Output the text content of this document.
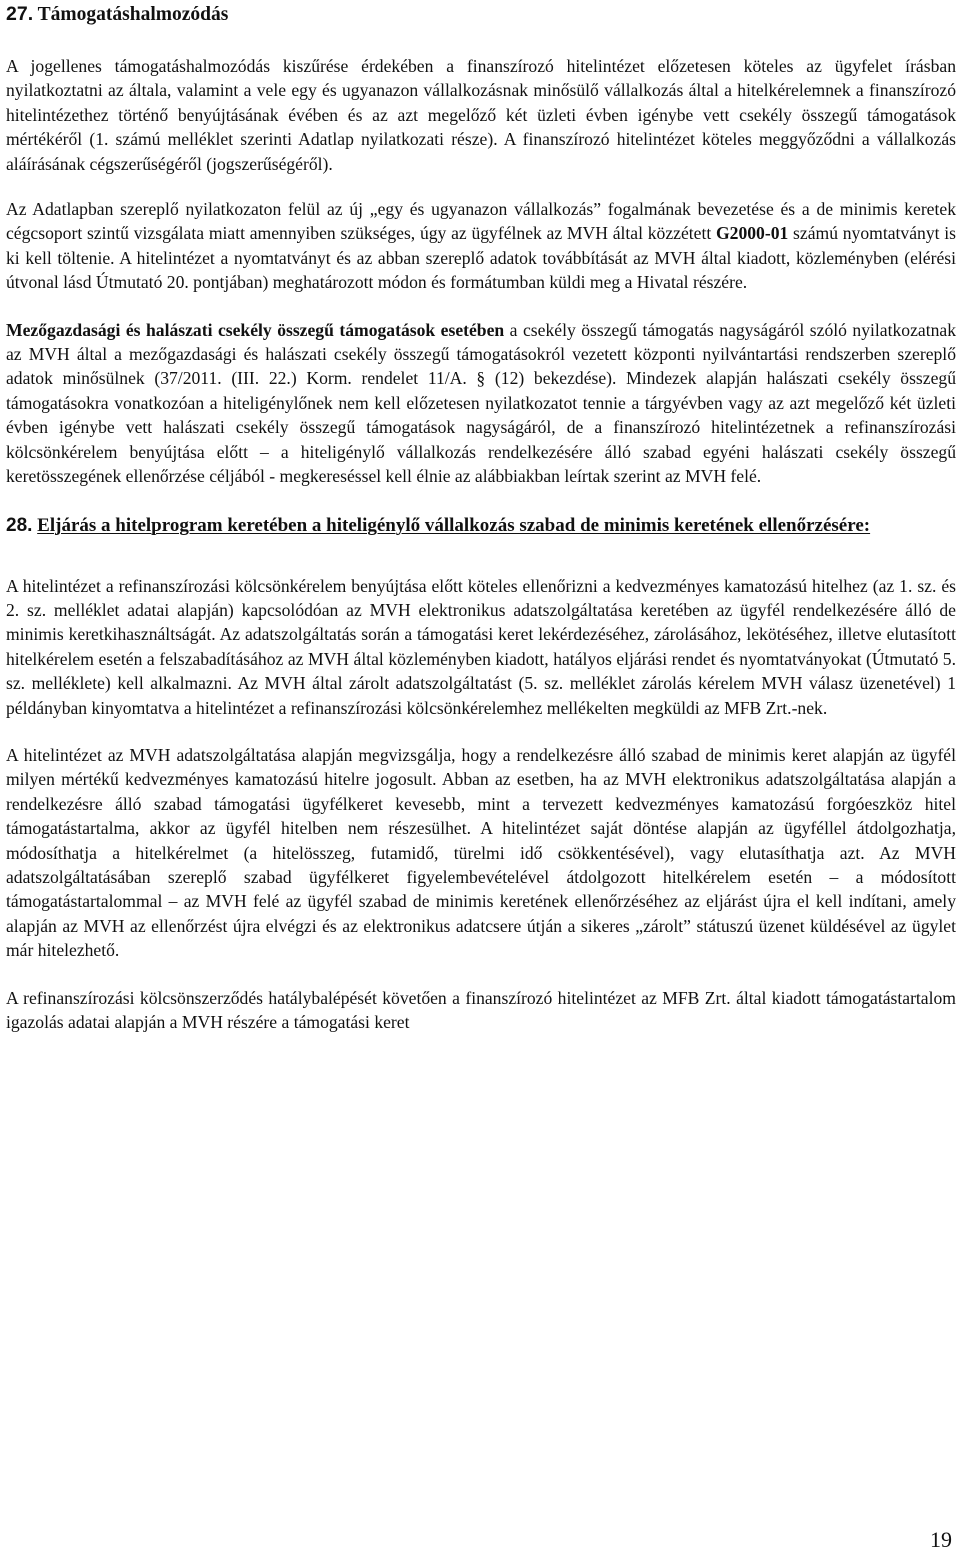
27. Támogatáshalmozódás

A jogellenes támogatáshalmozódás kiszűrése érdekében a finanszírozó hitelintézet előzetesen köteles az ügyfelet írásban nyilatkoztatni az általa, valamint a vele egy és ugyanazon vállalkozásnak minősülő vállalkozás által a hitelkérelemnek a finanszírozó hitelintézethez történő benyújtásának évében és az azt megelőző két üzleti évben igénybe vett csekély összegű támogatások mértékéről (1. számú melléklet szerinti Adatlap nyilatkozati része). A finanszírozó hitelintézet köteles meggyőződni a vállalkozás aláírásának cégszerűségéről (jogszerűségéről).

Az Adatlapban szereplő nyilatkozaton felül az új „egy és ugyanazon vállalkozás” fogalmának bevezetése és a de minimis keretek cégcsoport szintű vizsgálata miatt amennyiben szükséges, úgy az ügyfélnek az MVH által közzétett G2000-01 számú nyomtatványt is ki kell töltenie. A hitelintézet a nyomtatványt és az abban szereplő adatok továbbítását az MVH által kiadott, közleményben (elérési útvonal lásd Útmutató 20. pontjában) meghatározott módon és formátumban küldi meg a Hivatal részére.

Mezőgazdasági és halászati csekély összegű támogatások esetében a csekély összegű támogatás nagyságáról szóló nyilatkozatnak az MVH által a mezőgazdasági és halászati csekély összegű támogatásokról vezetett központi nyilvántartási rendszerben szereplő adatok minősülnek (37/2011. (III. 22.) Korm. rendelet 11/A. § (12) bekezdése). Mindezek alapján halászati csekély összegű támogatásokra vonatkozóan a hiteligénylőnek nem kell előzetesen nyilatkozatot tennie a tárgyévben vagy az azt megelőző két üzleti évben igénybe vett halászati csekély összegű támogatások nagyságáról, de a finanszírozó hitelintézetnek a refinanszírozási kölcsönkérelem benyújtása előtt – a hiteligénylő vállalkozás rendelkezésére álló szabad egyéni halászati csekély összegű keretösszegének ellenőrzése céljából - megkereséssel kell élnie az alábbiakban leírtak szerint az MVH felé.

28. Eljárás a hitelprogram keretében a hiteligénylő vállalkozás szabad de minimis keretének ellenőrzésére:

A hitelintézet a refinanszírozási kölcsönkérelem benyújtása előtt köteles ellenőrizni a kedvezményes kamatozású hitelhez (az 1. sz. és 2. sz. melléklet adatai alapján) kapcsolódóan az MVH elektronikus adatszolgáltatása keretében az ügyfél rendelkezésére álló de minimis keretkihasználtságát. Az adatszolgáltatás során a támogatási keret lekérdezéséhez, zárolásához, lekötéséhez, illetve elutasított hitelkérelem esetén a felszabadításához az MVH által közleményben kiadott, hatályos eljárási rendet és nyomtatványokat (Útmutató 5. sz. melléklete) kell alkalmazni. Az MVH által zárolt adatszolgáltatást (5. sz. melléklet zárolás kérelem MVH válasz üzenetével) 1 példányban kinyomtatva a hitelintézet a refinanszírozási kölcsönkérelemhez mellékelten megküldi az MFB Zrt.-nek.

A hitelintézet az MVH adatszolgáltatása alapján megvizsgálja, hogy a rendelkezésre álló szabad de minimis keret alapján az ügyfél milyen mértékű kedvezményes kamatozású hitelre jogosult. Abban az esetben, ha az MVH elektronikus adatszolgáltatása alapján a rendelkezésre álló szabad támogatási ügyfélkeret kevesebb, mint a tervezett kedvezményes kamatozású forgóeszköz hitel támogatástartalma, akkor az ügyfél hitelben nem részesülhet. A hitelintézet saját döntése alapján az ügyféllel átdolgozhatja, módosíthatja a hitelkérelmet (a hitelösszeg, futamidő, türelmi idő csökkentésével), vagy elutasíthatja azt. Az MVH adatszolgáltatásában szereplő szabad ügyfélkeret figyelembevételével átdolgozott hitelkérelem esetén – a módosított támogatástartalommal – az MVH felé az ügyfél szabad de minimis keretének ellenőrzéséhez az eljárást újra el kell indítani, amely alapján az MVH az ellenőrzést újra elvégzi és az elektronikus adatcsere útján a sikeres „zárolt” státuszú üzenet küldésével az ügylet már hitelezhető.

A refinanszírozási kölcsönszerződés hatálybalépését követően a finanszírozó hitelintézet az MFB Zrt. által kiadott támogatástartalom igazolás adatai alapján a MVH részére a támogatási keret

19
